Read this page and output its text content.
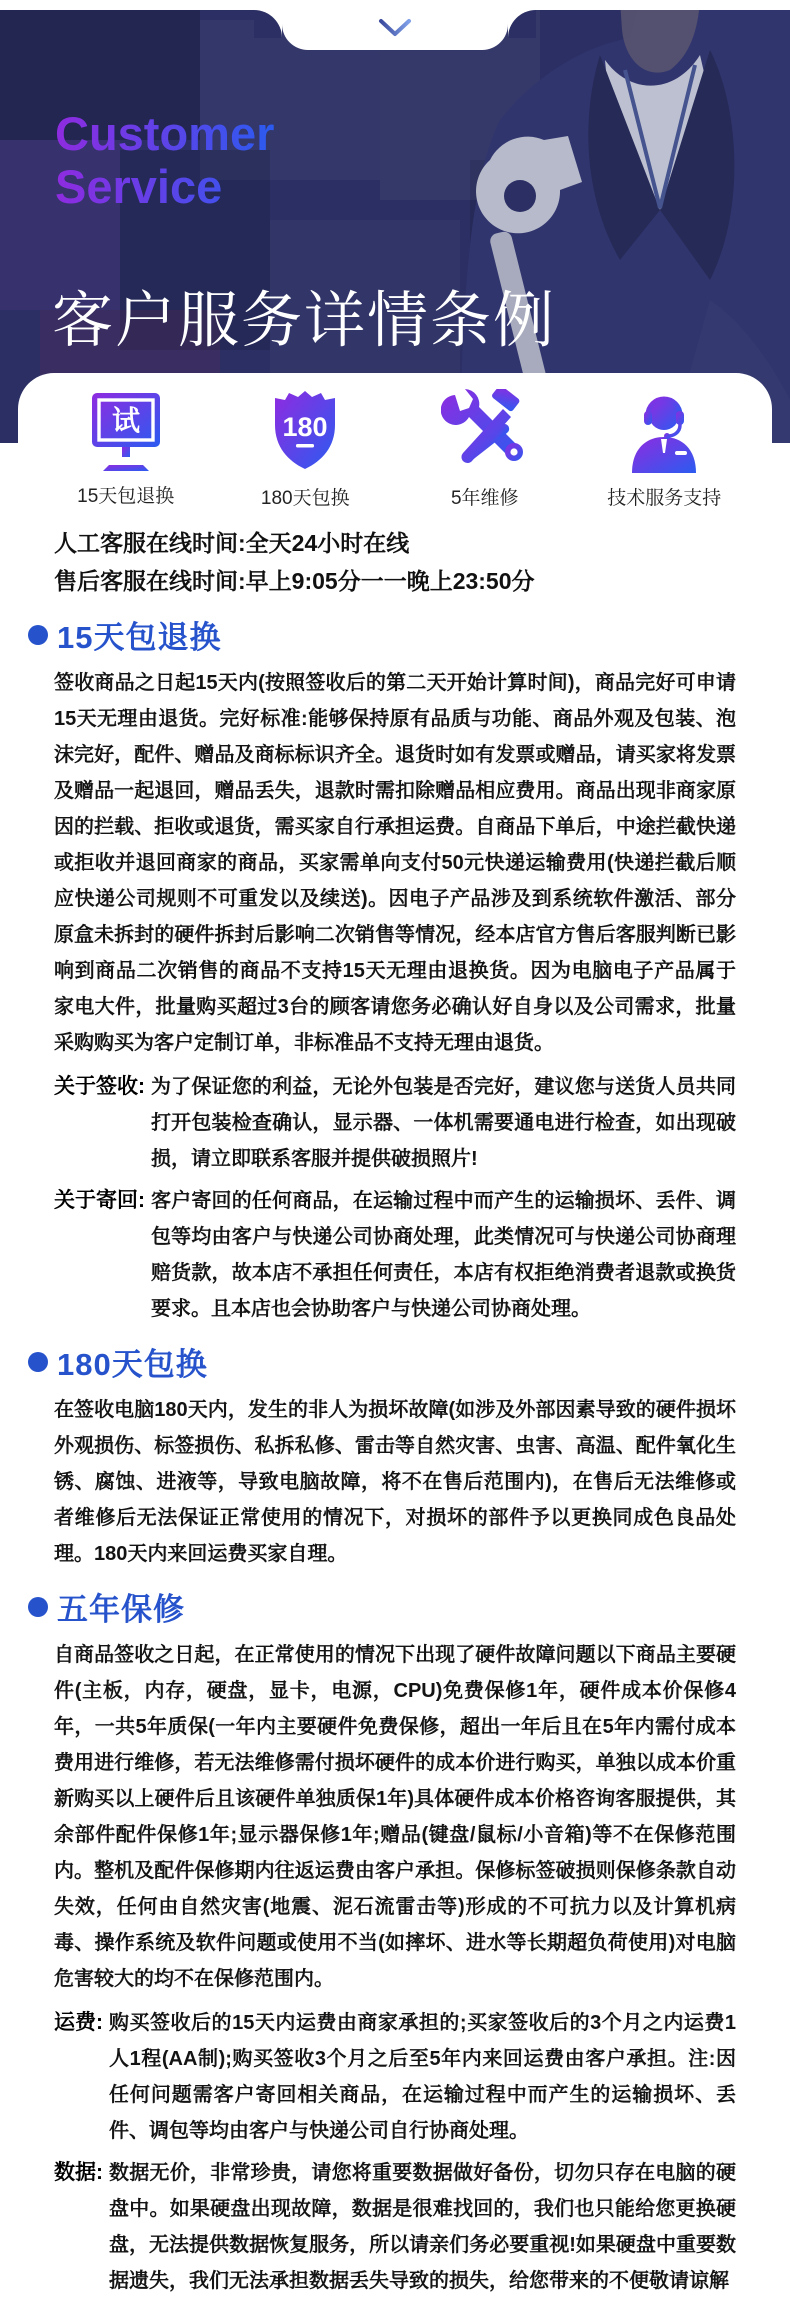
Customer
Service
客户服务详情条例
试
15天包退换
180
180天包换	5年维修	技术服务支持
人工客服在线时间:全天24小时在线
售后客服在线时间:早上9:05分一一晚上23:50分
15天包退换

签收商品之日起15天内(按照签收后的第二天开始计算时间)，商品完好可申请15天无理由退货。完好标准:能够保持原有品质与功能、商品外观及包装、泡沫完好，配件、赠品及商标标识齐全。退货时如有发票或赠品，请买家将发票及赠品一起退回，赠品丢失，退款时需扣除赠品相应费用。商品出现非商家原因的拦载、拒收或退货，需买家自行承担运费。自商品下单后，中途拦截快递或拒收并退回商家的商品，买家需单向支付50元快递运输费用(快递拦截后顺应快递公司规则不可重发以及续送)。因电子产品涉及到系统软件激活、部分原盒未拆封的硬件拆封后影响二次销售等情况，经本店官方售后客服判断已影响到商品二次销售的商品不支持15天无理由退换货。因为电脑电子产品属于家电大件，批量购买超过3台的顾客请您务必确认好自身以及公司需求，批量采购购买为客户定制订单，非标准品不支持无理由退货。

关于签收: 为了保证您的利益，无论外包装是否完好，建议您与送货人员共同打开包装检查确认，显示器、一体机需要通电进行检查，如出现破损，请立即联系客服并提供破损照片!
关于寄回: 客户寄回的任何商品，在运输过程中而产生的运输损坏、丢件、调包等均由客户与快递公司协商处理，此类情况可与快递公司协商理赔货款，故本店不承担任何责任，本店有权拒绝消费者退款或换货要求。且本店也会协助客户与快递公司协商处理。
180天包换

在签收电脑180天内，发生的非人为损坏故障(如涉及外部因素导致的硬件损坏外观损伤、标签损伤、私拆私修、雷击等自然灾害、虫害、高温、配件氧化生锈、腐蚀、进液等，导致电脑故障，将不在售后范围内)，在售后无法维修或者维修后无法保证正常使用的情况下，对损坏的部件予以更换同成色良品处理。180天内来回运费买家自理。

五年保修

自商品签收之日起，在正常使用的情况下出现了硬件故障问题以下商品主要硬件(主板，内存，硬盘，显卡，电源，CPU)免费保修1年，硬件成本价保修4年，一共5年质保(一年内主要硬件免费保修，超出一年后且在5年内需付成本费用进行维修，若无法维修需付损坏硬件的成本价进行购买，单独以成本价重新购买以上硬件后且该硬件单独质保1年)具体硬件成本价格咨询客服提供，其余部件配件保修1年;显示器保修1年;赠品(键盘/鼠标/小音箱)等不在保修范围内。整机及配件保修期内往返运费由客户承担。保修标签破损则保修条款自动失效，任何由自然灾害(地震、泥石流雷击等)形成的不可抗力以及计算机病毒、操作系统及软件问题或使用不当(如摔坏、进水等长期超负荷使用)对电脑危害较大的均不在保修范围内。

运费: 购买签收后的15天内运费由商家承担的;买家签收后的3个月之内运费1人1程(AA制);购买签收3个月之后至5年内来回运费由客户承担。注:因任何问题需客户寄回相关商品，在运输过程中而产生的运输损坏、丢件、调包等均由客户与快递公司自行协商处理。
数据: 数据无价，非常珍贵，请您将重要数据做好备份，切勿只存在电脑的硬盘中。如果硬盘出现故障，数据是很难找回的，我们也只能给您更换硬盘，无法提供数据恢复服务，所以请亲们务必要重视!如果硬盘中重要数据遗失，我们无法承担数据丢失导致的损失，给您带来的不便敬请谅解
